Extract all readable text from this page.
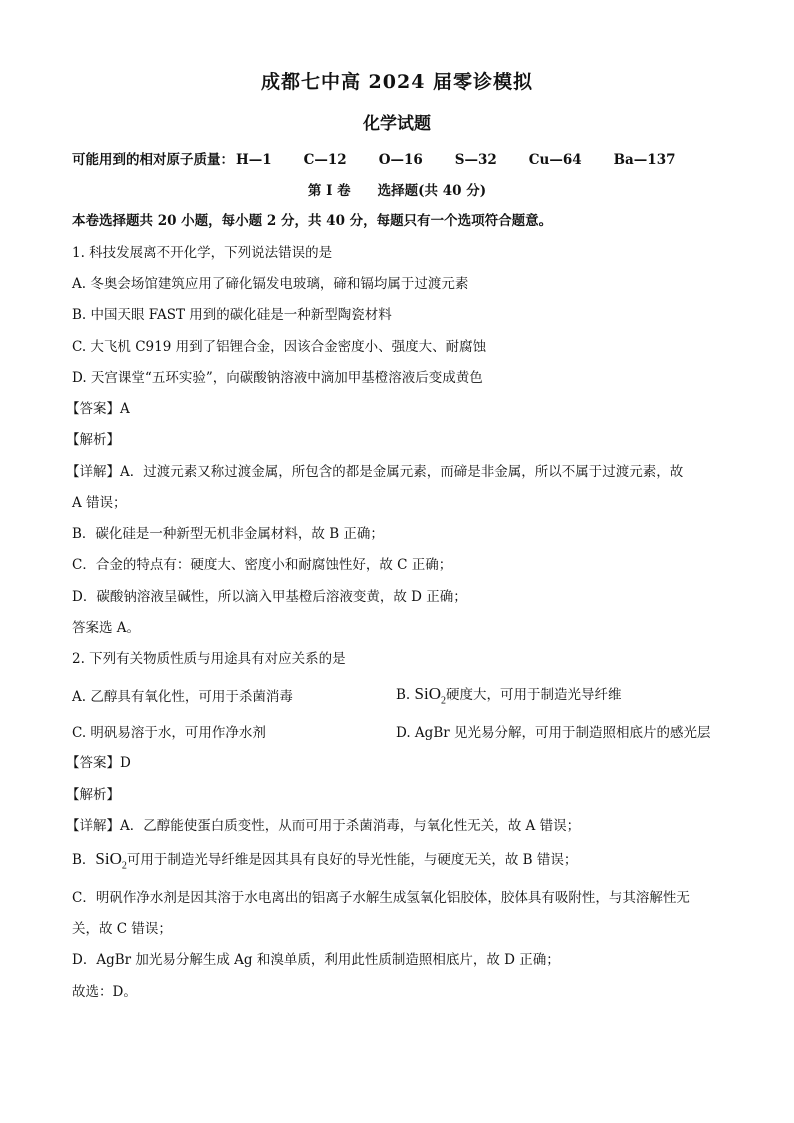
成都七中高 2024 届零诊模拟
化学试题
可能用到的相对原子质量： H—1 C—12 O—16 S—32 Cu—64 Ba—137
第 I 卷　　选择题(共 40 分)
本卷选择题共 20 小题，每小题 2 分，共 40 分，每题只有一个选项符合题意。
1. 科技发展离不开化学，下列说法错误的是
A. 冬奥会场馆建筑应用了碲化镉发电玻璃，碲和镉均属于过渡元素
B. 中国天眼 FAST 用到的碳化硅是一种新型陶瓷材料
C. 大飞机 C919 用到了铝锂合金，因该合金密度小、强度大、耐腐蚀
D. 天宫课堂“五环实验”，向碳酸钠溶液中滴加甲基橙溶液后变成黄色
【答案】A
【解析】
【详解】A．过渡元素又称过渡金属，所包含的都是金属元素，而碲是非金属，所以不属于过渡元素，故
A 错误；
B．碳化硅是一种新型无机非金属材料，故 B 正确；
C．合金的特点有：硬度大、密度小和耐腐蚀性好，故 C 正确；
D．碳酸钠溶液呈碱性，所以滴入甲基橙后溶液变黄，故 D 正确；
答案选 A。
2. 下列有关物质性质与用途具有对应关系的是
A. 乙醇具有氧化性，可用于杀菌消毒	B. SiO$_2$硬度大，可用于制造光导纤维
C. 明矾易溶于水，可用作净水剂	D. AgBr 见光易分解，可用于制造照相底片的感光层
【答案】D
【解析】
【详解】A．乙醇能使蛋白质变性，从而可用于杀菌消毒，与氧化性无关，故 A 错误；
B．SiO$_2$可用于制造光导纤维是因其具有良好的导光性能，与硬度无关，故 B 错误；
C．明矾作净水剂是因其溶于水电离出的铝离子水解生成氢氧化铝胶体，胶体具有吸附性，与其溶解性无
关，故 C 错误；
D．AgBr 加光易分解生成 Ag 和溴单质，利用此性质制造照相底片，故 D 正确；
故选：D。
